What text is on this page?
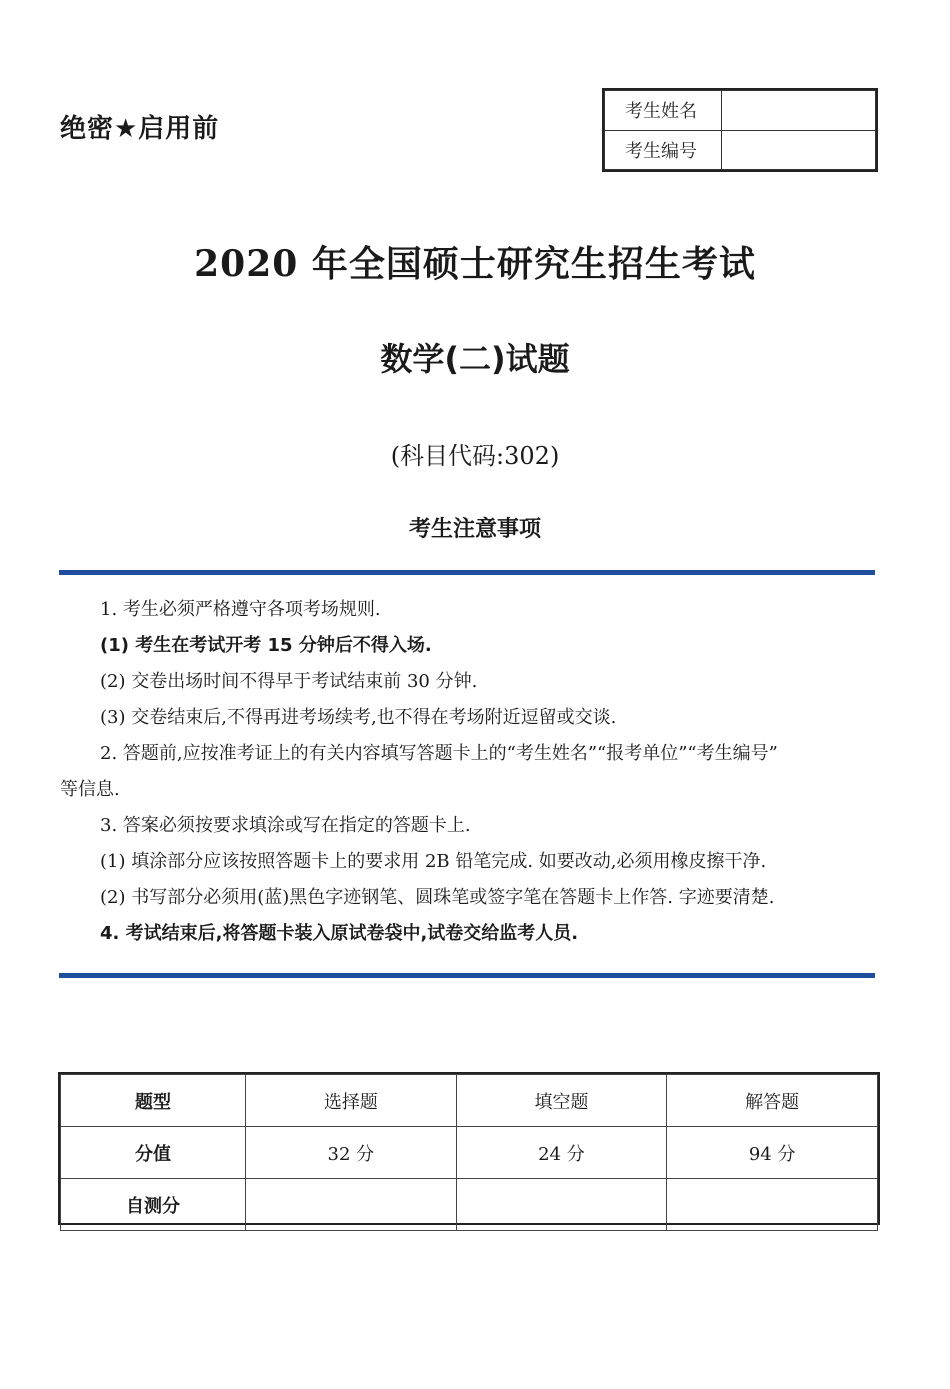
绝密★启用前
考生姓名	
考生编号	
2020 年全国硕士研究生招生考试
数学(二)试题
(科目代码:302)
考生注意事项
1. 考生必须严格遵守各项考场规则.
(1) 考生在考试开考 15 分钟后不得入场.
(2) 交卷出场时间不得早于考试结束前 30 分钟.
(3) 交卷结束后,不得再进考场续考,也不得在考场附近逗留或交谈.
2. 答题前,应按准考证上的有关内容填写答题卡上的“考生姓名”“报考单位”“考生编号”
等信息.
3. 答案必须按要求填涂或写在指定的答题卡上.
(1) 填涂部分应该按照答题卡上的要求用 2B 铅笔完成. 如要改动,必须用橡皮擦干净.
(2) 书写部分必须用(蓝)黑色字迹钢笔、圆珠笔或签字笔在答题卡上作答. 字迹要清楚.
4. 考试结束后,将答题卡装入原试卷袋中,试卷交给监考人员.
题型	选择题	填空题	解答题
分值	32 分	24 分	94 分
自测分			
